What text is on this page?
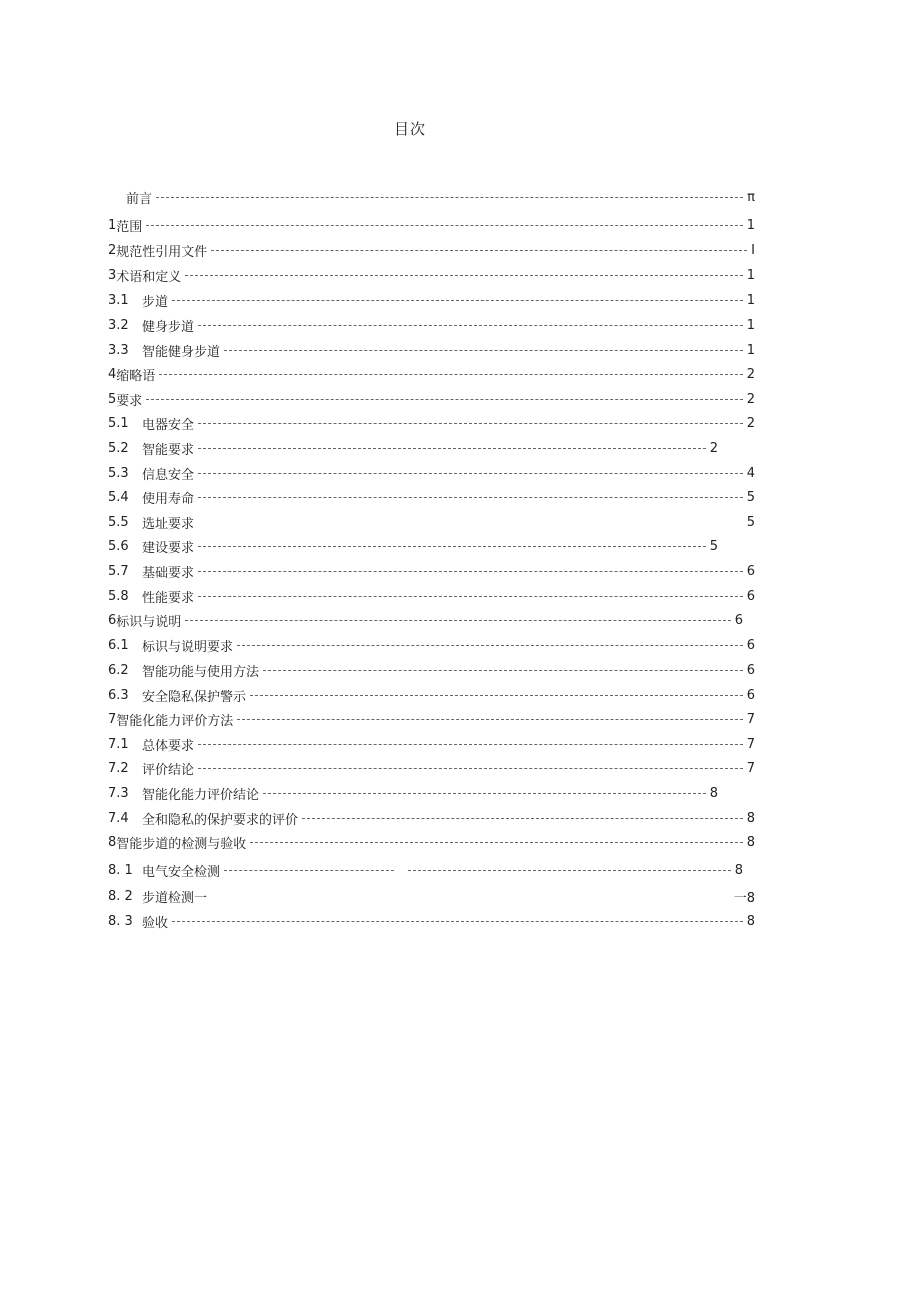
目次
前言	π
1 范围	1
2 规范性引用文件	I
3 术语和定义	1
3.1	步道	1
3.2	健身步道	1
3.3	智能健身步道	1
4 缩略语	2
5 要求	2
5.1	电器安全	2
5.2	智能要求	2
5.3	信息安全	4
5.4	使用寿命	5
5.5	选址要求	5
5.6	建设要求	5
5.7	基础要求	6
5.8	性能要求	6
6 标识与说明	6
6.1	标识与说明要求	6
6.2	智能功能与使用方法	6
6.3	安全隐私保护警示	6
7 智能化能力评价方法	7
7.1	总体要求	7
7.2	评价结论	7
7.3	智能化能力评价结论	8
7.4	全和隐私的保护要求的评价	8
8 智能步道的检测与验收	8
8. 1 电气安全检测	8
8. 2 步道检测一	一8
8. 3 验收	8
